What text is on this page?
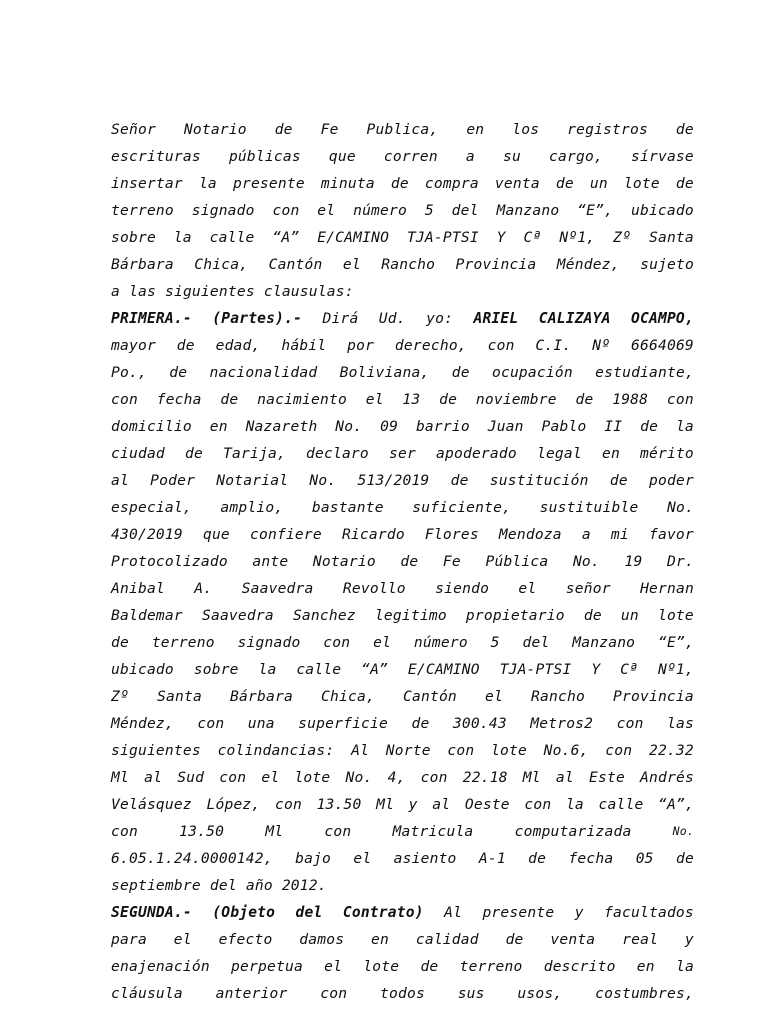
Señor Notario de Fe Publica, en los registros de
escrituras públicas que corren a su cargo, sírvase
insertar la presente minuta de compra venta de un lote de
terreno signado con el número 5 del Manzano “E”, ubicado
sobre la calle “A” E/CAMINO TJA-PTSI Y Cª Nº1, Zº Santa
Bárbara Chica, Cantón el Rancho Provincia Méndez, sujeto
a las siguientes clausulas:
PRIMERA.- (Partes).- Dirá Ud. yo: ARIEL CALIZAYA OCAMPO,
mayor de edad, hábil por derecho, con C.I. Nº 6664069
Po., de nacionalidad Boliviana, de ocupación estudiante,
con fecha de nacimiento el 13 de noviembre de 1988 con
domicilio en Nazareth No. 09 barrio Juan Pablo II de la
ciudad de Tarija, declaro ser apoderado legal en mérito
al Poder Notarial No. 513/2019 de sustitución de poder
especial, amplio, bastante suficiente, sustituible No.
430/2019 que confiere Ricardo Flores Mendoza a mi favor
Protocolizado ante Notario de Fe Pública No. 19 Dr.
Anibal A. Saavedra Revollo siendo el señor Hernan
Baldemar Saavedra Sanchez legitimo propietario de un lote
de terreno signado con el número 5 del Manzano “E”,
ubicado sobre la calle “A” E/CAMINO TJA-PTSI Y Cª Nº1,
Zº Santa Bárbara Chica, Cantón el Rancho Provincia
Méndez, con una superficie de 300.43 Metros2 con las
siguientes colindancias: Al Norte con lote No.6, con 22.32
Ml al Sud con el lote No. 4, con 22.18 Ml al Este Andrés
Velásquez López, con 13.50 Ml y al Oeste con la calle “A”,
con	13.50	Ml	con	Matricula	computarizada	No.
6.05.1.24.0000142, bajo el asiento A-1 de fecha 05 de
septiembre del año 2012.
SEGUNDA.- (Objeto del Contrato) Al presente y facultados
para el efecto damos en calidad de venta real y
enajenación perpetua el lote de terreno descrito en la
cláusula anterior con todos sus usos, costumbres,
